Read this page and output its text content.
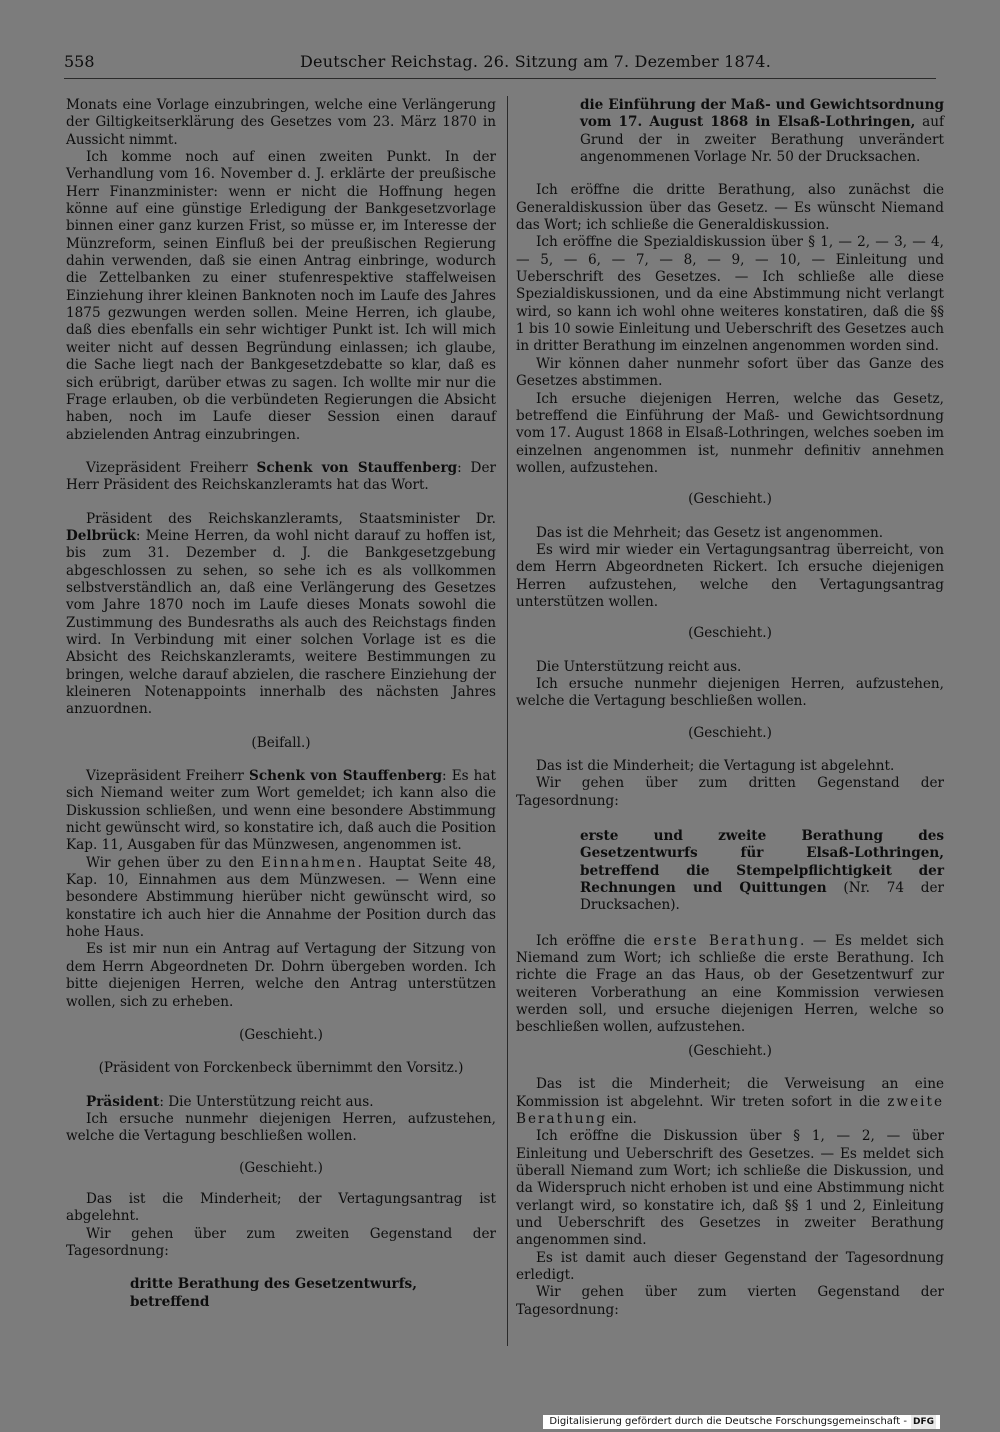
558	Deutscher Reichstag. 26. Sitzung am 7. Dezember 1874.

Monats eine Vorlage einzubringen, welche eine Verlängerung der Giltigkeitserklärung des Gesetzes vom 23. März 1870 in Aussicht nimmt.

Ich komme noch auf einen zweiten Punkt. In der Verhandlung vom 16. November d. J. erklärte der preußische Herr Finanzminister: wenn er nicht die Hoffnung hegen könne auf eine günstige Erledigung der Bankgesetzvorlage binnen einer ganz kurzen Frist, so müsse er, im Interesse der Münzreform, seinen Einfluß bei der preußischen Regierung dahin verwenden, daß sie einen Antrag einbringe, wodurch die Zettelbanken zu einer stufenrespektive staffelweisen Einziehung ihrer kleinen Banknoten noch im Laufe des Jahres 1875 gezwungen werden sollen. Meine Herren, ich glaube, daß dies ebenfalls ein sehr wichtiger Punkt ist. Ich will mich weiter nicht auf dessen Begründung einlassen; ich glaube, die Sache liegt nach der Bankgesetzdebatte so klar, daß es sich erübrigt, darüber etwas zu sagen. Ich wollte mir nur die Frage erlauben, ob die verbündeten Regierungen die Absicht haben, noch im Laufe dieser Session einen darauf abzielenden Antrag einzubringen.

Vizepräsident Freiherr Schenk von Stauffenberg: Der Herr Präsident des Reichskanzleramts hat das Wort.

Präsident des Reichskanzleramts, Staatsminister Dr. Delbrück: Meine Herren, da wohl nicht darauf zu hoffen ist, bis zum 31. Dezember d. J. die Bankgesetzgebung abgeschlossen zu sehen, so sehe ich es als vollkommen selbstverständlich an, daß eine Verlängerung des Gesetzes vom Jahre 1870 noch im Laufe dieses Monats sowohl die Zustimmung des Bundesraths als auch des Reichstags finden wird. In Verbindung mit einer solchen Vorlage ist es die Absicht des Reichskanzleramts, weitere Bestimmungen zu bringen, welche darauf abzielen, die raschere Einziehung der kleineren Notenappoints innerhalb des nächsten Jahres anzuordnen.

(Beifall.)

Vizepräsident Freiherr Schenk von Stauffenberg: Es hat sich Niemand weiter zum Wort gemeldet; ich kann also die Diskussion schließen, und wenn eine besondere Abstimmung nicht gewünscht wird, so konstatire ich, daß auch die Position Kap. 11, Ausgaben für das Münzwesen, angenommen ist.

Wir gehen über zu den Einnahmen. Hauptat Seite 48, Kap. 10, Einnahmen aus dem Münzwesen. — Wenn eine besondere Abstimmung hierüber nicht gewünscht wird, so konstatire ich auch hier die Annahme der Position durch das hohe Haus.

Es ist mir nun ein Antrag auf Vertagung der Sitzung von dem Herrn Abgeordneten Dr. Dohrn übergeben worden. Ich bitte diejenigen Herren, welche den Antrag unterstützen wollen, sich zu erheben.

(Geschieht.)

(Präsident von Forckenbeck übernimmt den Vorsitz.)

Präsident: Die Unterstützung reicht aus.

Ich ersuche nunmehr diejenigen Herren, aufzustehen, welche die Vertagung beschließen wollen.

(Geschieht.)

Das ist die Minderheit; der Vertagungsantrag ist abgelehnt.

Wir gehen über zum zweiten Gegenstand der Tagesordnung:

dritte Berathung des Gesetzentwurfs, betreffend

die Einführung der Maß- und Gewichtsordnung vom 17. August 1868 in Elsaß-Lothringen, auf Grund der in zweiter Berathung unverändert angenommenen Vorlage Nr. 50 der Drucksachen.

Ich eröffne die dritte Berathung, also zunächst die Generaldiskussion über das Gesetz. — Es wünscht Niemand das Wort; ich schließe die Generaldiskussion.

Ich eröffne die Spezialdiskussion über § 1, — 2, — 3, — 4, — 5, — 6, — 7, — 8, — 9, — 10, — Einleitung und Ueberschrift des Gesetzes. — Ich schließe alle diese Spezialdiskussionen, und da eine Abstimmung nicht verlangt wird, so kann ich wohl ohne weiteres konstatiren, daß die §§ 1 bis 10 sowie Einleitung und Ueberschrift des Gesetzes auch in dritter Berathung im einzelnen angenommen worden sind.

Wir können daher nunmehr sofort über das Ganze des Gesetzes abstimmen.

Ich ersuche diejenigen Herren, welche das Gesetz, betreffend die Einführung der Maß- und Gewichtsordnung vom 17. August 1868 in Elsaß-Lothringen, welches soeben im einzelnen angenommen ist, nunmehr definitiv annehmen wollen, aufzustehen.

(Geschieht.)

Das ist die Mehrheit; das Gesetz ist angenommen.

Es wird mir wieder ein Vertagungsantrag überreicht, von dem Herrn Abgeordneten Rickert. Ich ersuche diejenigen Herren aufzustehen, welche den Vertagungsantrag unterstützen wollen.

(Geschieht.)

Die Unterstützung reicht aus.

Ich ersuche nunmehr diejenigen Herren, aufzustehen, welche die Vertagung beschließen wollen.

(Geschieht.)

Das ist die Minderheit; die Vertagung ist abgelehnt.

Wir gehen über zum dritten Gegenstand der Tagesordnung:

erste und zweite Berathung des Gesetzentwurfs für Elsaß-Lothringen, betreffend die Stempelpflichtigkeit der Rechnungen und Quittungen (Nr. 74 der Drucksachen).

Ich eröffne die erste Berathung. — Es meldet sich Niemand zum Wort; ich schließe die erste Berathung. Ich richte die Frage an das Haus, ob der Gesetzentwurf zur weiteren Vorberathung an eine Kommission verwiesen werden soll, und ersuche diejenigen Herren, welche so beschließen wollen, aufzustehen.

(Geschieht.)

Das ist die Minderheit; die Verweisung an eine Kommission ist abgelehnt. Wir treten sofort in die zweite Berathung ein.

Ich eröffne die Diskussion über § 1, — 2, — über Einleitung und Ueberschrift des Gesetzes. — Es meldet sich überall Niemand zum Wort; ich schließe die Diskussion, und da Widerspruch nicht erhoben ist und eine Abstimmung nicht verlangt wird, so konstatire ich, daß §§ 1 und 2, Einleitung und Ueberschrift des Gesetzes in zweiter Berathung angenommen sind.

Es ist damit auch dieser Gegenstand der Tagesordnung erledigt.

Wir gehen über zum vierten Gegenstand der Tagesordnung:

Digitalisierung gefördert durch die Deutsche Forschungsgemeinschaft - DFG
